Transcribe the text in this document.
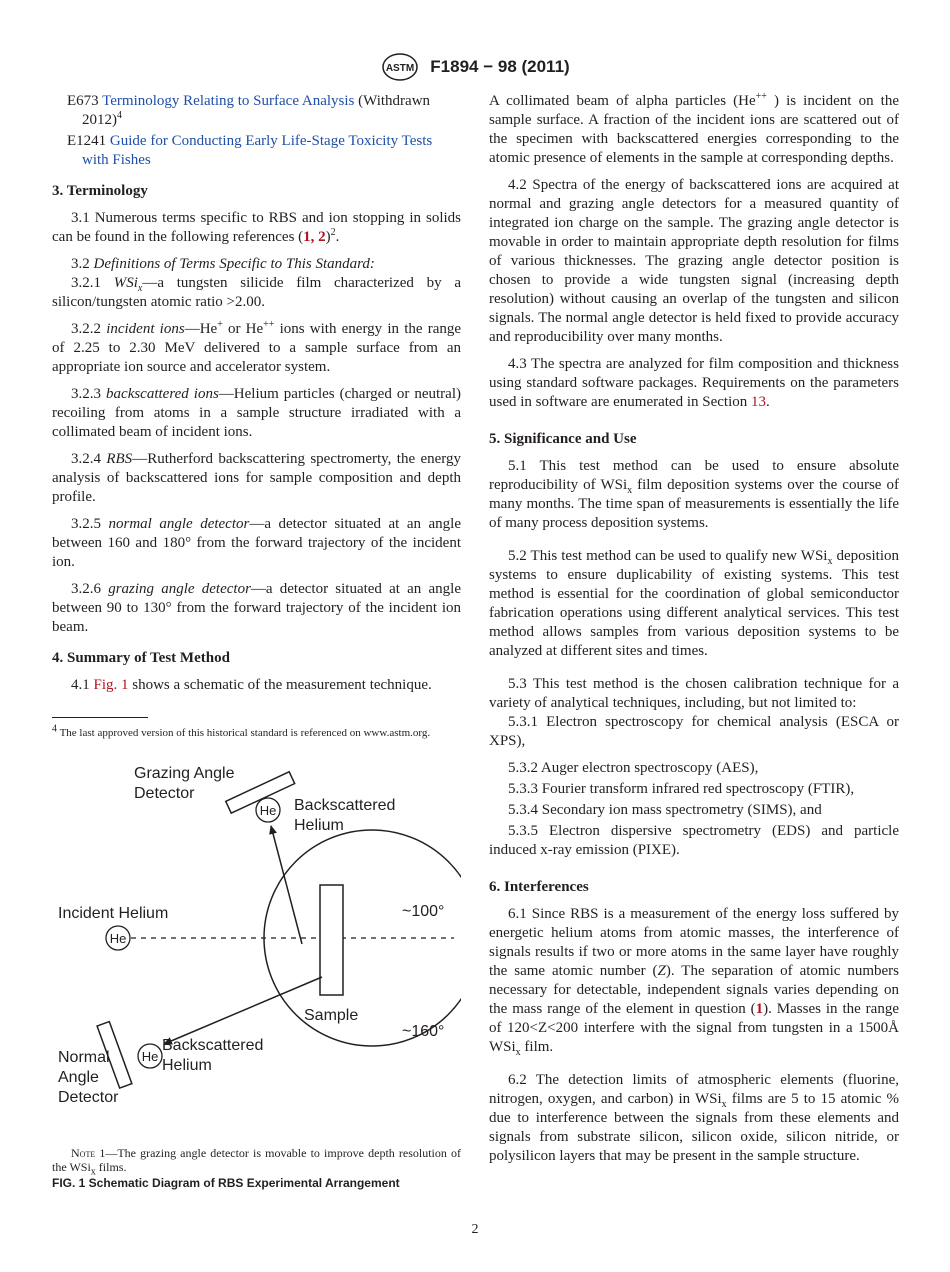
ASTM F1894 − 98 (2011)

E673 Terminology Relating to Surface Analysis (Withdrawn 2012)$^4$

E1241 Guide for Conducting Early Life-Stage Toxicity Tests with Fishes

3. Terminology

3.1 Numerous terms specific to RBS and ion stopping in solids can be found in the following references (1, 2)$^2$.

3.2 Definitions of Terms Specific to This Standard:

3.2.1 WSi$_x$—a tungsten silicide film characterized by a silicon/tungsten atomic ratio >2.00.

3.2.2 incident ions—He+ or He++ ions with energy in the range of 2.25 to 2.30 MeV delivered to a sample surface from an appropriate ion source and accelerator system.

3.2.3 backscattered ions—Helium particles (charged or neutral) recoiling from atoms in a sample structure irradiated with a collimated beam of incident ions.

3.2.4 RBS—Rutherford backscattering spectromerty, the energy analysis of backscattered ions for sample composition and depth profile.

3.2.5 normal angle detector—a detector situated at an angle between 160 and 180° from the forward trajectory of the incident ion.

3.2.6 grazing angle detector—a detector situated at an angle between 90 to 130° from the forward trajectory of the incident ion beam.

4. Summary of Test Method

4.1 Fig. 1 shows a schematic of the measurement technique.

$^4$ The last approved version of this historical standard is referenced on www.astm.org.
He
He
He
Grazing Angle
Detector
Backscattered
Helium
Incident Helium	~100°
Sample
~160°
Backscattered
Helium
Normal
Angle
Detector
Note 1—The grazing angle detector is movable to improve depth resolution of the WSi$_x$ films.
FIG. 1 Schematic Diagram of RBS Experimental Arrangement

A collimated beam of alpha particles (He++ ) is incident on the sample surface. A fraction of the incident ions are scattered out of the specimen with backscattered energies corresponding to the atomic presence of elements in the sample at corresponding depths.

4.2 Spectra of the energy of backscattered ions are acquired at normal and grazing angle detectors for a measured quantity of integrated ion charge on the sample. The grazing angle detector is movable in order to maintain appropriate depth resolution for films of various thicknesses. The grazing angle detector position is chosen to provide a wide tungsten signal (increasing depth resolution) without causing an overlap of the tungsten and silicon signals. The normal angle detector is held fixed to provide accuracy and reproducibility over many months.

4.3 The spectra are analyzed for film composition and thickness using standard software packages. Requirements on the parameters used in software are enumerated in Section 13.

5. Significance and Use

5.1 This test method can be used to ensure absolute reproducibility of WSi$_x$ film deposition systems over the course of many months. The time span of measurements is essentially the life of many process deposition systems.

5.2 This test method can be used to qualify new WSi$_x$ deposition systems to ensure duplicability of existing systems. This test method is essential for the coordination of global semiconductor fabrication operations using different analytical services. This test method allows samples from various deposition systems to be analyzed at different sites and times.

5.3 This test method is the chosen calibration technique for a variety of analytical techniques, including, but not limited to:

5.3.1 Electron spectroscopy for chemical analysis (ESCA or XPS),

5.3.2 Auger electron spectroscopy (AES),

5.3.3 Fourier transform infrared red spectroscopy (FTIR),

5.3.4 Secondary ion mass spectrometry (SIMS), and

5.3.5 Electron dispersive spectrometry (EDS) and particle induced x-ray emission (PIXE).

6. Interferences

6.1 Since RBS is a measurement of the energy loss suffered by energetic helium atoms from atomic masses, the interference of signals results if two or more atoms in the same layer have roughly the same atomic number (Z). The separation of atomic numbers necessary for detectable, independent signals varies depending on the mass range of the element in question (1). Masses in the range of 120<Z<200 interfere with the signal from tungsten in a 1500Å WSi$_x$ film.

6.2 The detection limits of atmospheric elements (fluorine, nitrogen, oxygen, and carbon) in WSi$_x$ films are 5 to 15 atomic % due to interference between the signals from these elements and signals from substrate silicon, silicon oxide, silicon nitride, or polysilicon layers that may be present in the sample structure.

2
